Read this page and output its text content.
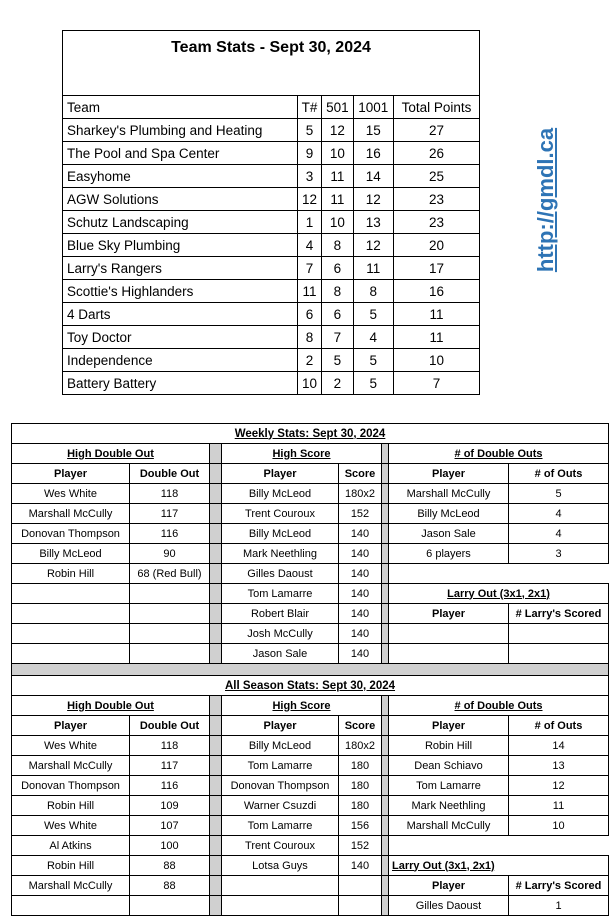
Team Stats - Sept 30, 2024				
Team	T#	501	1001	Total Points
Sharkey's Plumbing and Heating	5	12	15	27
The Pool and Spa Center	9	10	16	26
Easyhome	3	11	14	25
AGW Solutions	12	11	12	23
Schutz Landscaping	1	10	13	23
Blue Sky Plumbing	4	8	12	20
Larry's Rangers	7	6	11	17
Scottie's Highlanders	11	8	8	16
4 Darts	6	6	5	11
Toy Doctor	8	7	4	11
Independence	2	5	5	10
Battery Battery	10	2	5	7
http://gmdl.ca
Weekly Stats: Sept 30, 2024							
High Double Out			High Score			# of Double Outs	
Player	Double Out		Player	Score		Player	# of Outs
Wes White	118		Billy McLeod	180x2		Marshall McCully	5
Marshall McCully	117		Trent Couroux	152		Billy McLeod	4
Donovan Thompson	116		Billy McLeod	140		Jason Sale	4
Billy McLeod	90		Mark Neethling	140		6 players	3
Robin Hill	68 (Red Bull)		Gilles Daoust	140			
			Tom Lamarre	140		Larry Out (3x1, 2x1)	
			Robert Blair	140		Player	# Larry's Scored
			Josh McCully	140			
			Jason Sale	140			

All Season Stats: Sept 30, 2024							
High Double Out			High Score			# of Double Outs	
Player	Double Out		Player	Score		Player	# of Outs
Wes White	118		Billy McLeod	180x2		Robin Hill	14
Marshall McCully	117		Tom Lamarre	180		Dean Schiavo	13
Donovan Thompson	116		Donovan Thompson	180		Tom Lamarre	12
Robin Hill	109		Warner Csuzdi	180		Mark Neethling	11
Wes White	107		Tom Lamarre	156		Marshall McCully	10
Al Atkins	100		Trent Couroux	152			
Robin Hill	88		Lotsa Guys	140		Larry Out (3x1, 2x1)	
Marshall McCully	88					Player	# Larry's Scored
						Gilles Daoust	1
